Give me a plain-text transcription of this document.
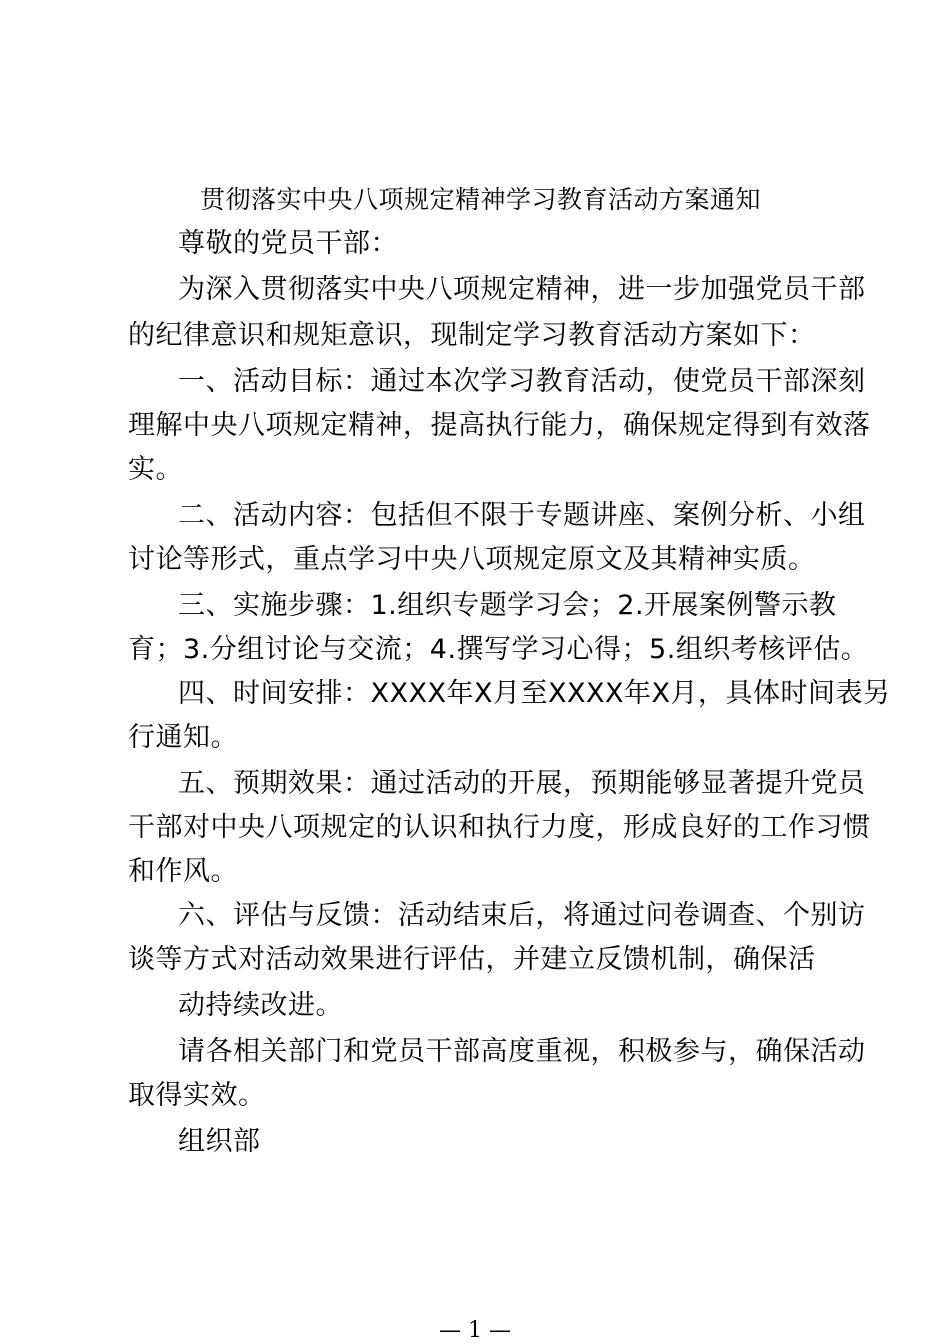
贯彻落实中央八项规定精神学习教育活动方案通知
尊敬的党员干部：
为深入贯彻落实中央八项规定精神，进一步加强党员干部
的纪律意识和规矩意识，现制定学习教育活动方案如下：
一、活动目标：通过本次学习教育活动，使党员干部深刻
理解中央八项规定精神，提高执行能力，确保规定得到有效落
实。
二、活动内容：包括但不限于专题讲座、案例分析、小组
讨论等形式，重点学习中央八项规定原文及其精神实质。
三、实施步骤：1.组织专题学习会；2.开展案例警示教
育；3.分组讨论与交流；4.撰写学习心得；5.组织考核评估。
四、时间安排：XXXX年X月至XXXX年X月，具体时间表另
行通知。
五、预期效果：通过活动的开展，预期能够显著提升党员
干部对中央八项规定的认识和执行力度，形成良好的工作习惯
和作风。
六、评估与反馈：活动结束后，将通过问卷调查、个别访
谈等方式对活动效果进行评估，并建立反馈机制，确保活
动持续改进。
请各相关部门和党员干部高度重视，积极参与，确保活动
取得实效。
组织部
— 1 —
